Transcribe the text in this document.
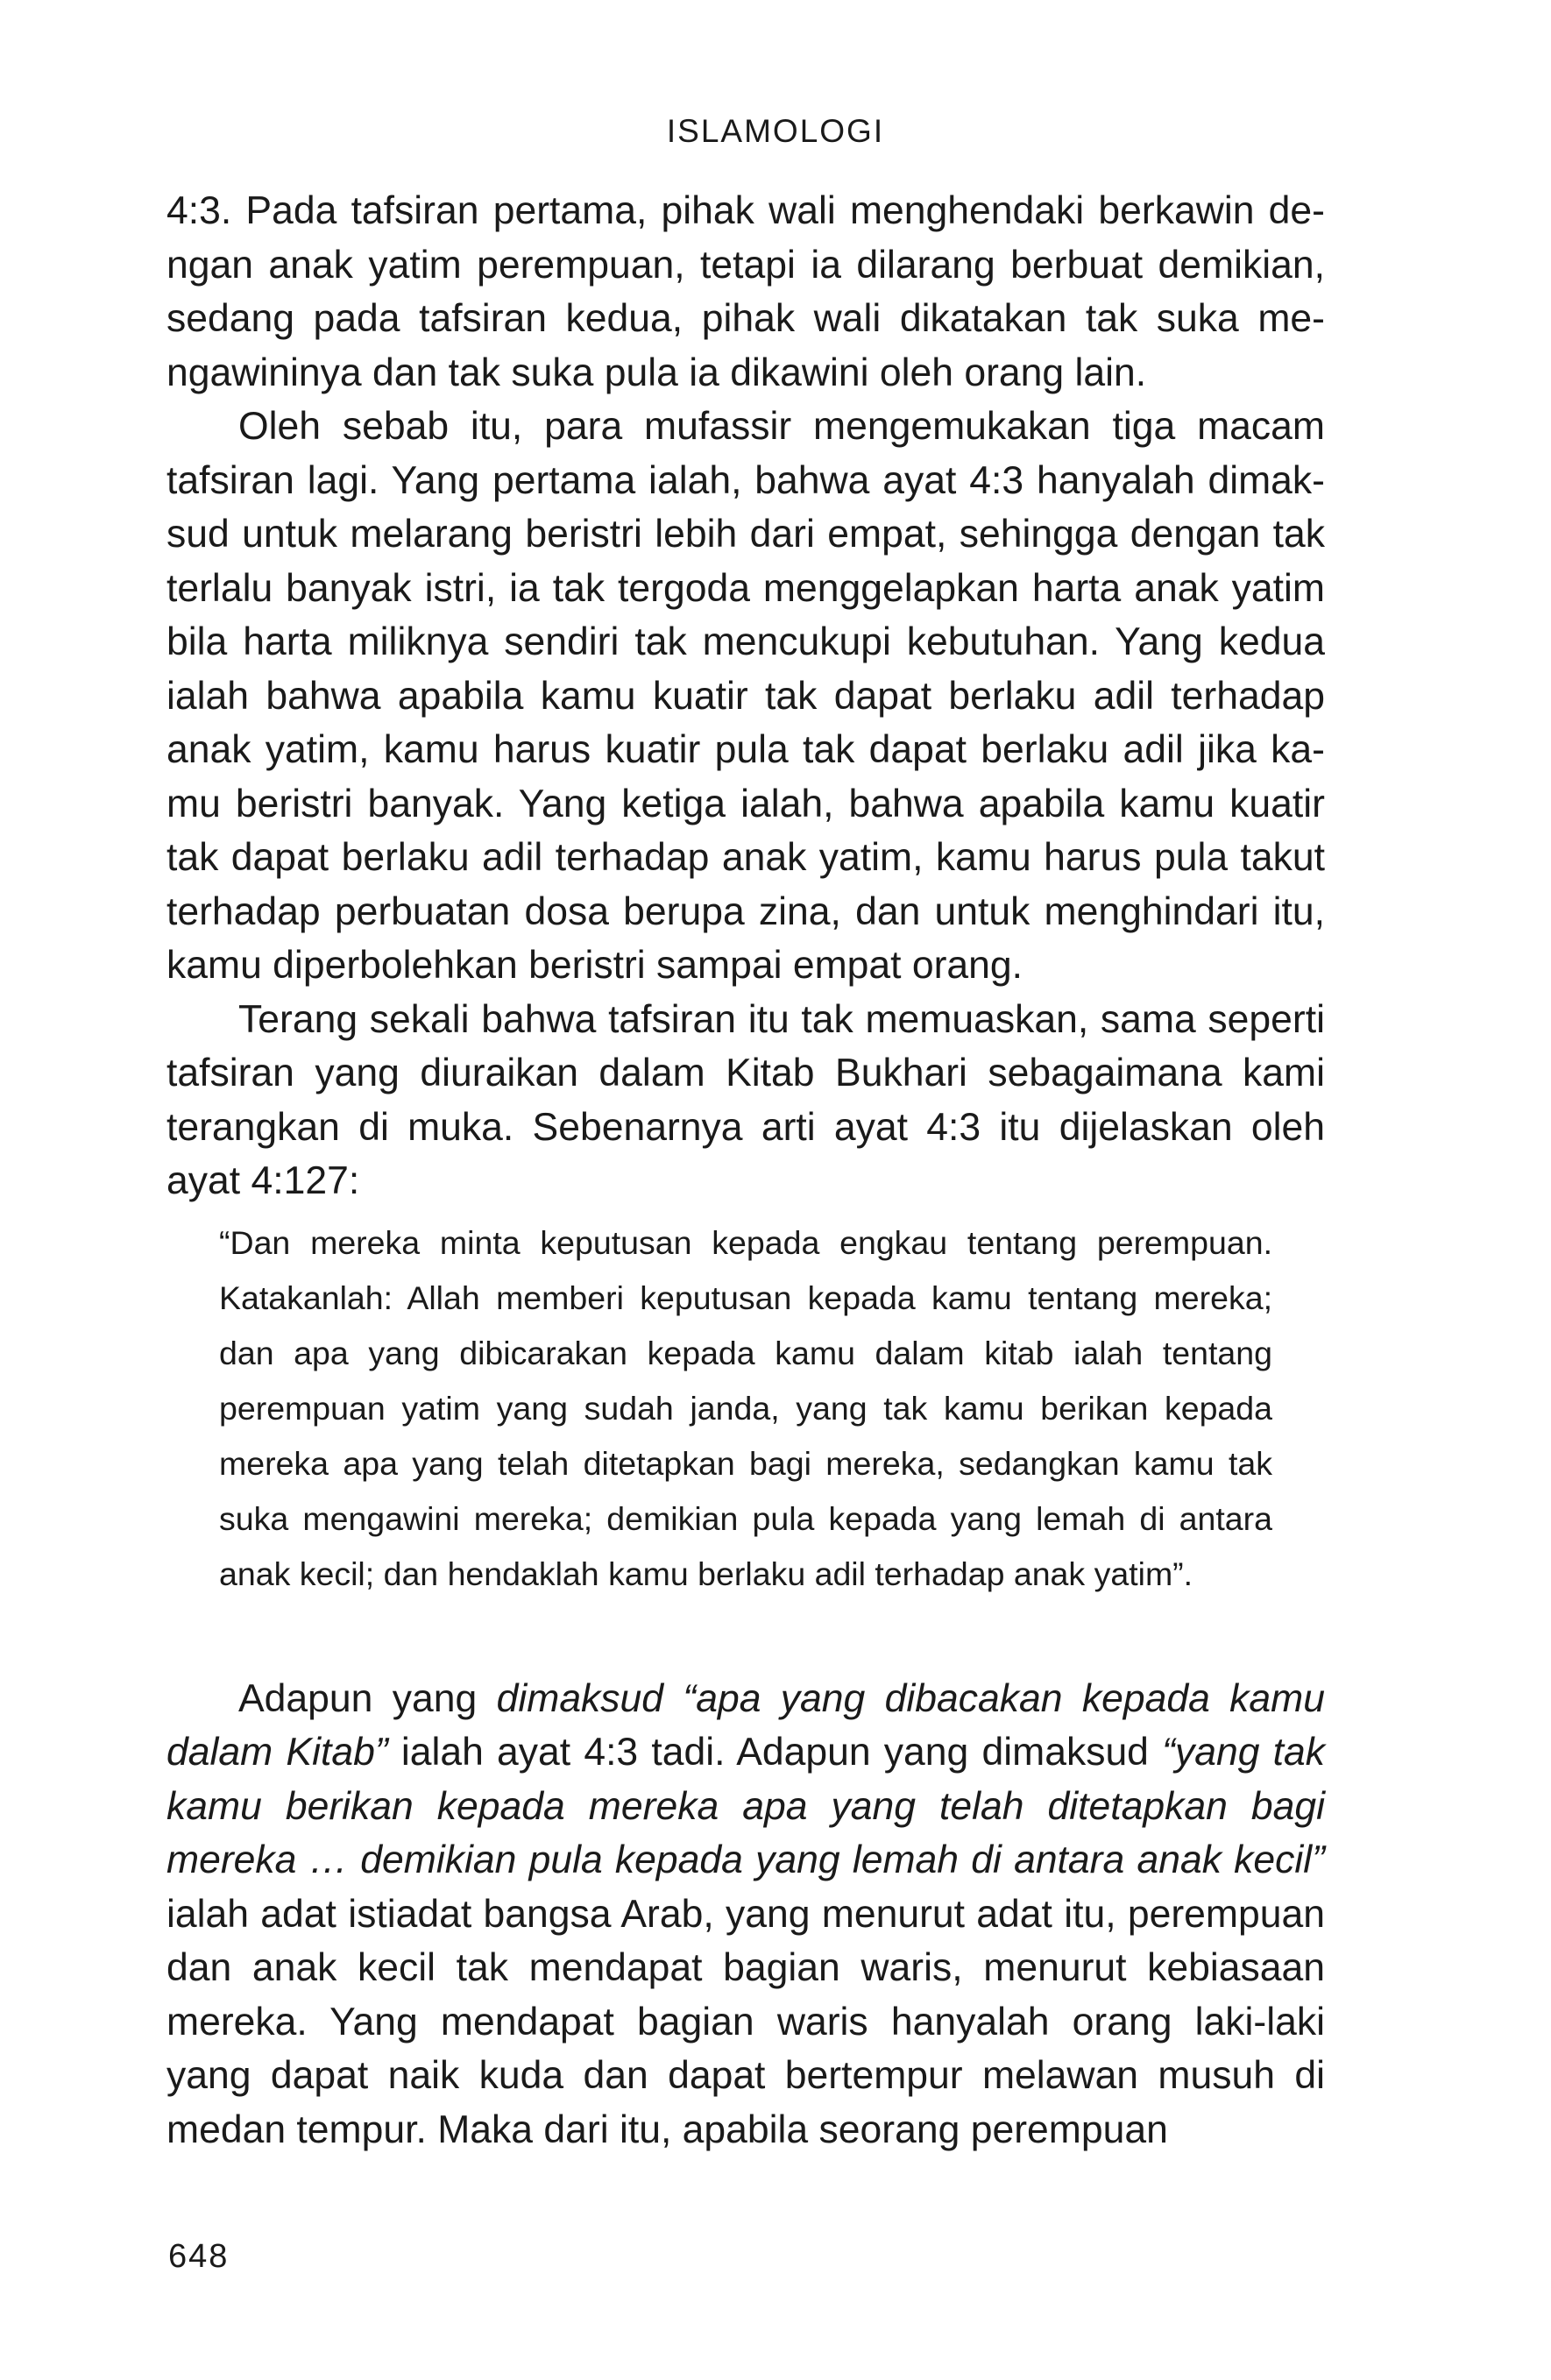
ISLAMOLOGI

4:3. Pada tafsiran pertama, pihak wali menghendaki berkawin dengan anak yatim perempuan, tetapi ia dilarang berbuat demikian, sedang pada tafsiran kedua, pihak wali dikatakan tak suka mengawininya dan tak suka pula ia dikawini oleh orang lain.

Oleh sebab itu, para mufassir mengemukakan tiga macam tafsiran lagi. Yang pertama ialah, bahwa ayat 4:3 hanyalah dimaksud untuk melarang beristri lebih dari empat, sehingga dengan tak terlalu banyak istri, ia tak tergoda menggelapkan harta anak yatim bila harta miliknya sendiri tak mencukupi kebutuhan. Yang kedua ialah bahwa apabila kamu kuatir tak dapat berlaku adil terhadap anak yatim, kamu harus kuatir pula tak dapat berlaku adil jika kamu beristri banyak. Yang ketiga ialah, bahwa apabila kamu kuatir tak dapat berlaku adil terhadap anak yatim, kamu harus pula takut terhadap perbuatan dosa berupa zina, dan untuk menghindari itu, kamu diperbolehkan beristri sampai empat orang.

Terang sekali bahwa tafsiran itu tak memuaskan, sama seperti tafsiran yang diuraikan dalam Kitab Bukhari sebagaimana kami terangkan di muka. Sebenarnya arti ayat 4:3 itu dijelaskan oleh ayat 4:127:

“Dan mereka minta keputusan kepada engkau tentang perempuan. Katakanlah: Allah memberi keputusan kepada kamu tentang mereka; dan apa yang dibicarakan kepada kamu dalam kitab ialah tentang perempuan yatim yang sudah janda, yang tak kamu berikan kepada mereka apa yang telah ditetapkan bagi mereka, sedangkan kamu tak suka mengawini mereka; demikian pula kepada yang lemah di antara anak kecil; dan hendaklah kamu berlaku adil terhadap anak yatim”.

Adapun yang dimaksud “apa yang dibacakan kepada kamu dalam Kitab” ialah ayat 4:3 tadi. Adapun yang dimaksud “yang tak kamu berikan kepada mereka apa yang telah ditetapkan bagi mereka … demikian pula kepada yang lemah di antara anak kecil” ialah adat istiadat bangsa Arab, yang menurut adat itu, perempuan dan anak kecil tak mendapat bagian waris, menurut kebiasaan mereka. Yang mendapat bagian waris hanyalah orang laki-laki yang dapat naik kuda dan dapat bertempur melawan musuh di medan tempur. Maka dari itu, apabila seorang perempuan

648
